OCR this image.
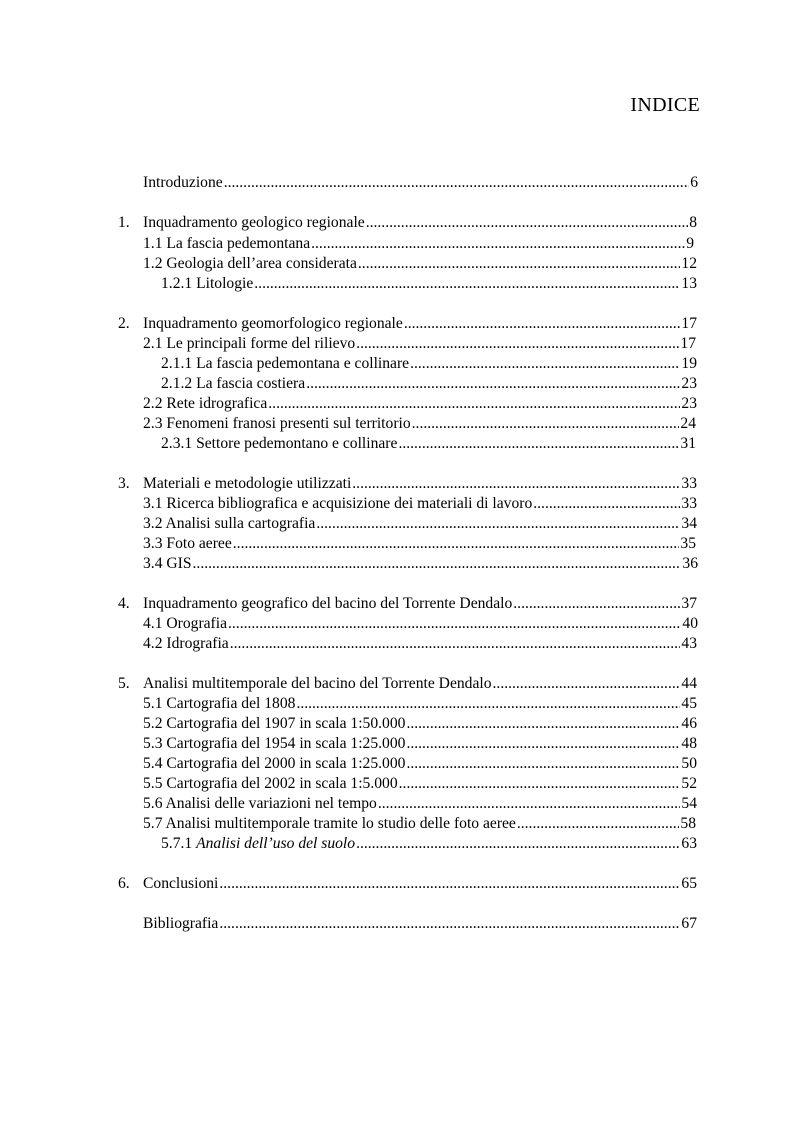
INDICE
Introduzione .....	6
1. Inquadramento geologico regionale .....	8
1.1 La fascia pedemontana .....	9
1.2 Geologia dell’area considerata .....	12
1.2.1 Litologie .....	13
2. Inquadramento geomorfologico regionale .....	17
2.1 Le principali forme del rilievo .....	17
2.1.1 La fascia pedemontana e collinare .....	19
2.1.2 La fascia costiera .....	23
2.2 Rete idrografica .....	23
2.3 Fenomeni franosi presenti sul territorio .....	24
2.3.1 Settore pedemontano e collinare .....	31
3. Materiali e metodologie utilizzati .....	33
3.1 Ricerca bibliografica e acquisizione dei materiali di lavoro .....	33
3.2 Analisi sulla cartografia .....	34
3.3 Foto aeree .....	35
3.4 GIS .....	36
4. Inquadramento geografico del bacino del Torrente Dendalo .....	37
4.1 Orografia .....	40
4.2 Idrografia .....	43
5. Analisi multitemporale del bacino del Torrente Dendalo .....	44
5.1 Cartografia del 1808 .....	45
5.2 Cartografia del 1907 in scala 1:50.000 .....	46
5.3 Cartografia del 1954 in scala 1:25.000 .....	48
5.4 Cartografia del 2000 in scala 1:25.000 .....	50
5.5 Cartografia del 2002 in scala 1:5.000 .....	52
5.6 Analisi delle variazioni nel tempo .....	54
5.7 Analisi multitemporale tramite lo studio delle foto aeree .....	58
5.7.1 Analisi dell’uso del suolo .....	63
6. Conclusioni .....	65
Bibliografia .....	67
